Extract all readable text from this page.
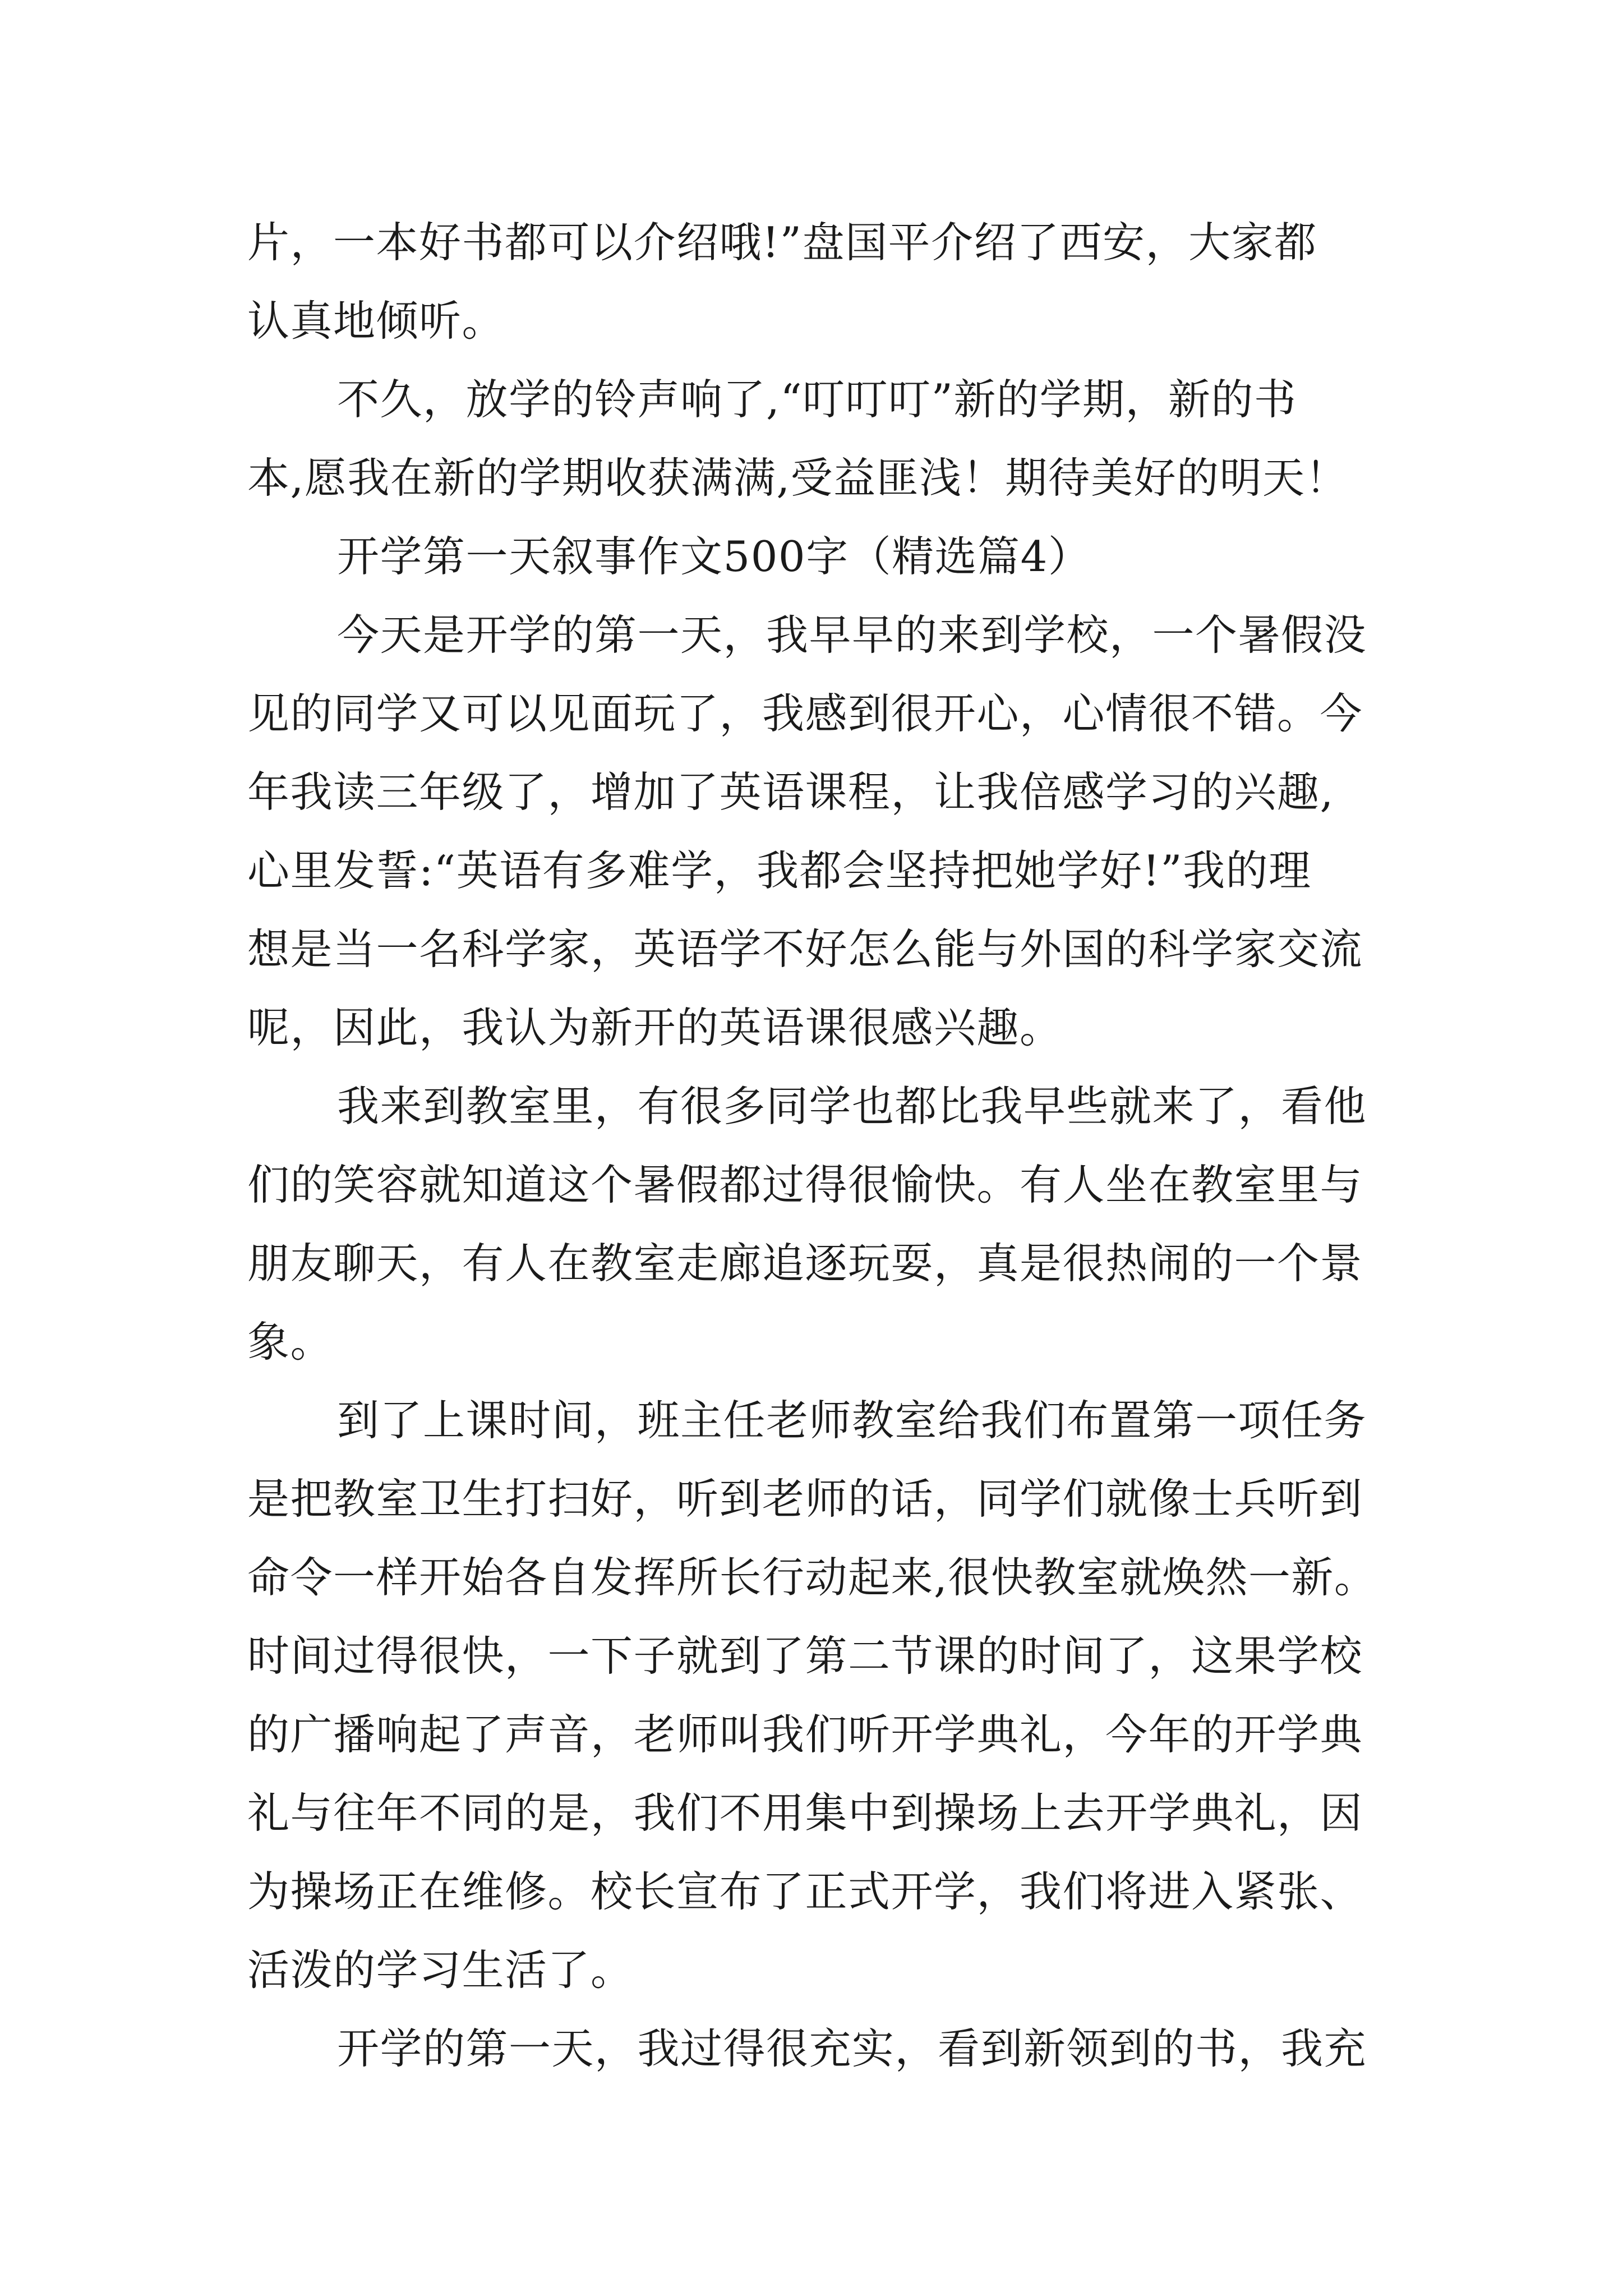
片，一本好书都可以介绍哦!”盘国平介绍了西安，大家都
认真地倾听。
不久，放学的铃声响了,“叮叮叮”新的学期，新的书
本,愿我在新的学期收获满满,受益匪浅！期待美好的明天！
开学第一天叙事作文500字（精选篇4）
今天是开学的第一天，我早早的来到学校，一个暑假没
见的同学又可以见面玩了，我感到很开心，心情很不错。今
年我读三年级了，增加了英语课程，让我倍感学习的兴趣,
心里发誓:“英语有多难学，我都会坚持把她学好!”我的理
想是当一名科学家，英语学不好怎么能与外国的科学家交流
呢，因此，我认为新开的英语课很感兴趣。
我来到教室里，有很多同学也都比我早些就来了，看他
们的笑容就知道这个暑假都过得很愉快。有人坐在教室里与
朋友聊天，有人在教室走廊追逐玩耍，真是很热闹的一个景
象。
到了上课时间，班主任老师教室给我们布置第一项任务
是把教室卫生打扫好，听到老师的话，同学们就像士兵听到
命令一样开始各自发挥所长行动起来,很快教室就焕然一新。
时间过得很快，一下子就到了第二节课的时间了，这果学校
的广播响起了声音，老师叫我们听开学典礼，今年的开学典
礼与往年不同的是，我们不用集中到操场上去开学典礼，因
为操场正在维修。校长宣布了正式开学，我们将进入紧张、
活泼的学习生活了。
开学的第一天，我过得很充实，看到新领到的书，我充
